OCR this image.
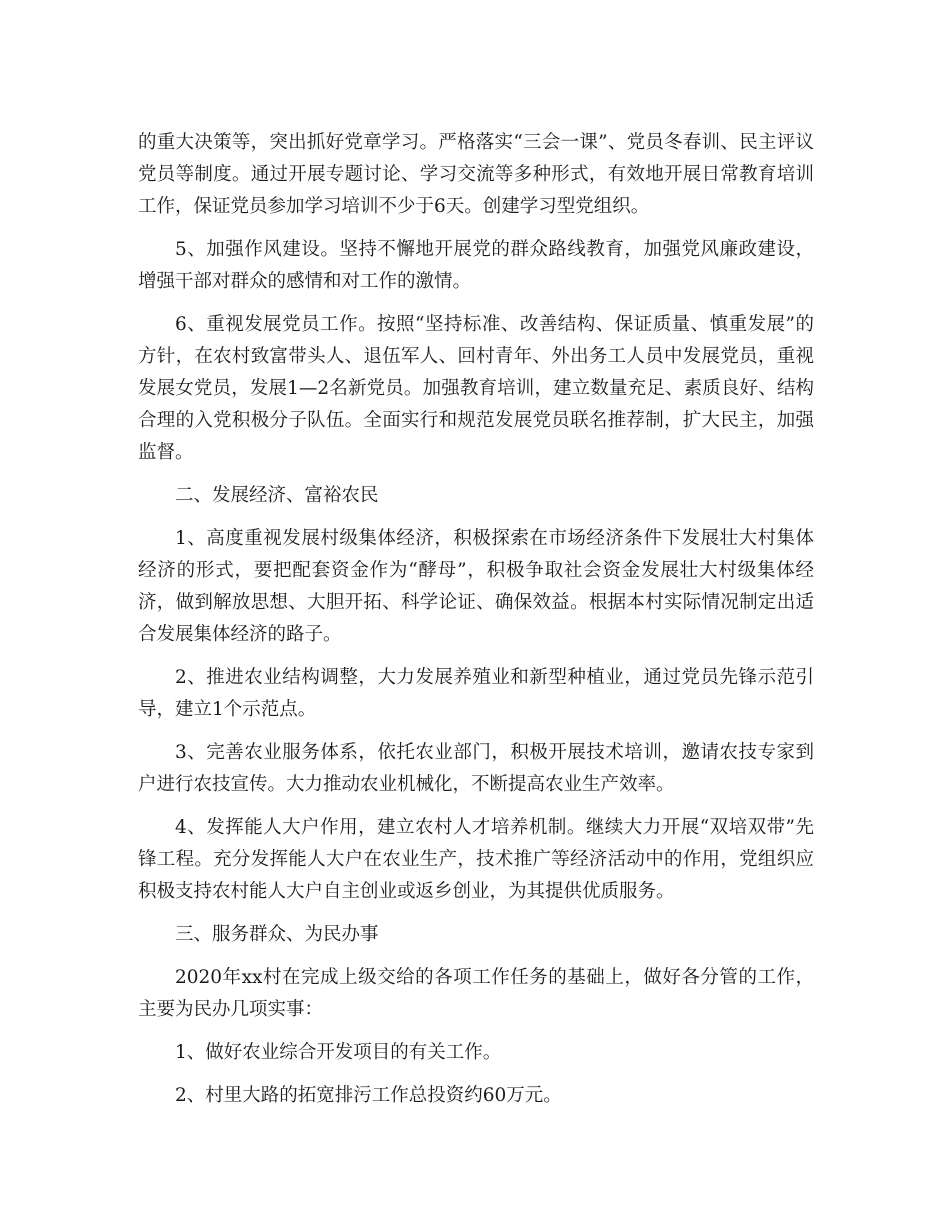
的重大决策等，突出抓好党章学习。严格落实“三会一课”、党员冬春训、民主评议党员等制度。通过开展专题讨论、学习交流等多种形式，有效地开展日常教育培训工作，保证党员参加学习培训不少于6天。创建学习型党组织。

5、加强作风建设。坚持不懈地开展党的群众路线教育，加强党风廉政建设，增强干部对群众的感情和对工作的激情。

6、重视发展党员工作。按照“坚持标准、改善结构、保证质量、慎重发展”的方针，在农村致富带头人、退伍军人、回村青年、外出务工人员中发展党员，重视发展女党员，发展1—2名新党员。加强教育培训，建立数量充足、素质良好、结构合理的入党积极分子队伍。全面实行和规范发展党员联名推荐制，扩大民主，加强监督。

二、发展经济、富裕农民

1、高度重视发展村级集体经济，积极探索在市场经济条件下发展壮大村集体经济的形式，要把配套资金作为“酵母”，积极争取社会资金发展壮大村级集体经济，做到解放思想、大胆开拓、科学论证、确保效益。根据本村实际情况制定出适合发展集体经济的路子。

2、推进农业结构调整，大力发展养殖业和新型种植业，通过党员先锋示范引导，建立1个示范点。

3、完善农业服务体系，依托农业部门，积极开展技术培训，邀请农技专家到户进行农技宣传。大力推动农业机械化，不断提高农业生产效率。

4、发挥能人大户作用，建立农村人才培养机制。继续大力开展“双培双带”先锋工程。充分发挥能人大户在农业生产，技术推广等经济活动中的作用，党组织应积极支持农村能人大户自主创业或返乡创业，为其提供优质服务。

三、服务群众、为民办事

2020年xx村在完成上级交给的各项工作任务的基础上，做好各分管的工作，主要为民办几项实事：

1、做好农业综合开发项目的有关工作。

2、村里大路的拓宽排污工作总投资约60万元。
